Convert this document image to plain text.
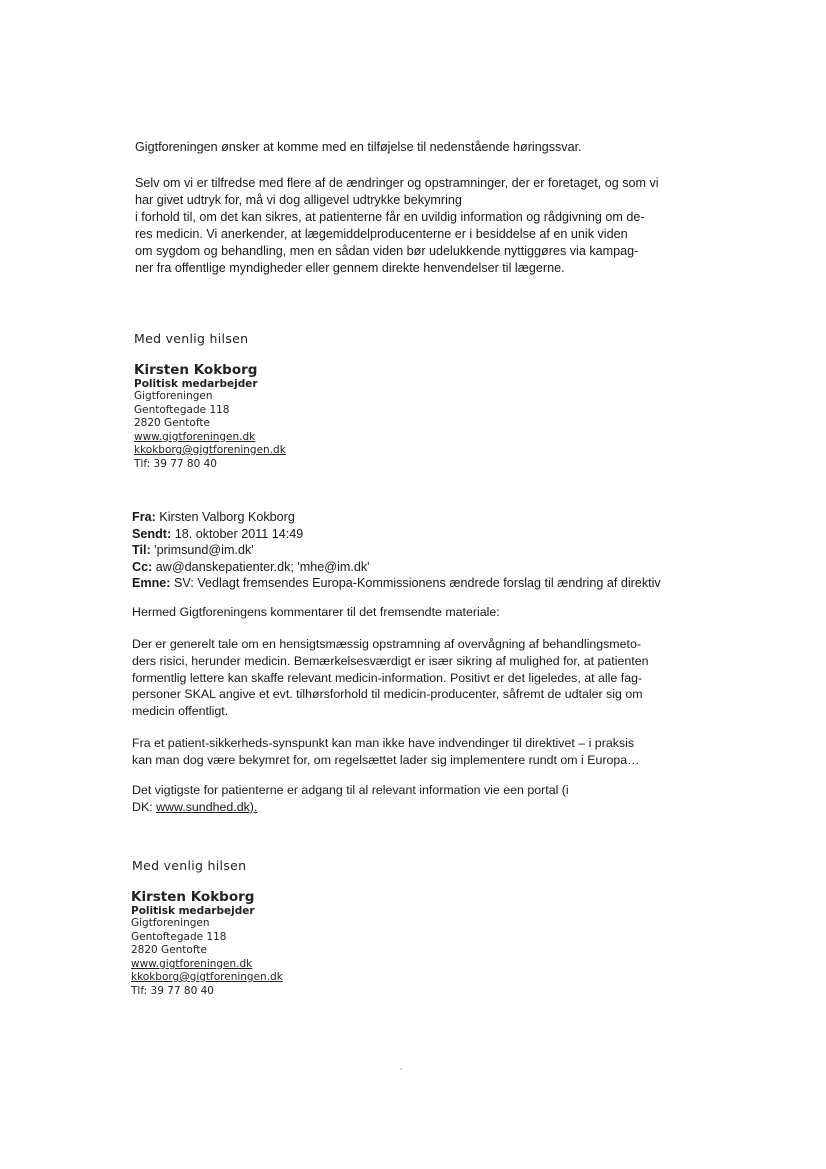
Gigtforeningen ønsker at komme med en tilføjelse til nedenstående høringssvar.
Selv om vi er tilfredse med flere af de ændringer og opstramninger, der er foretaget, og som vi
har givet udtryk for, må vi dog alligevel udtrykke bekymring
i forhold til, om det kan sikres, at patienterne får en uvildig information og rådgivning om de-
res medicin. Vi anerkender, at lægemiddelproducenterne er i besiddelse af en unik viden
om sygdom og behandling, men en sådan viden bør udelukkende nyttiggøres via kampag-
ner fra offentlige myndigheder eller gennem direkte henvendelser til lægerne.
Med venlig hilsen
Kirsten Kokborg
Politisk medarbejder
Gigtforeningen
Gentoftegade 118
2820 Gentofte
www.gigtforeningen.dk
kkokborg@gigtforeningen.dk
Tlf: 39 77 80 40
Fra: Kirsten Valborg Kokborg
Sendt: 18. oktober 2011 14:49
Til: 'primsund@im.dk'
Cc: aw@danskepatienter.dk; 'mhe@im.dk'
Emne: SV: Vedlagt fremsendes Europa-Kommissionens ændrede forslag til ændring af direktiv
Hermed Gigtforeningens kommentarer til det fremsendte materiale:
Der er generelt tale om en hensigtsmæssig opstramning af overvågning af behandlingsmeto-
ders risici, herunder medicin. Bemærkelsesværdigt er især sikring af mulighed for, at patienten
formentlig lettere kan skaffe relevant medicin-information. Positivt er det ligeledes, at alle fag-
personer SKAL angive et evt. tilhørsforhold til medicin-producenter, såfremt de udtaler sig om
medicin offentligt.
Fra et patient-sikkerheds-synspunkt kan man ikke have indvendinger til direktivet – i praksis
kan man dog være bekymret for, om regelsættet lader sig implementere rundt om i Europa…
Det vigtigste for patienterne er adgang til al relevant information vie een portal (i
DK: www.sundhed.dk).
Med venlig hilsen
Kirsten Kokborg
Politisk medarbejder
Gigtforeningen
Gentoftegade 118
2820 Gentofte
www.gigtforeningen.dk
kkokborg@gigtforeningen.dk
Tlf: 39 77 80 40
